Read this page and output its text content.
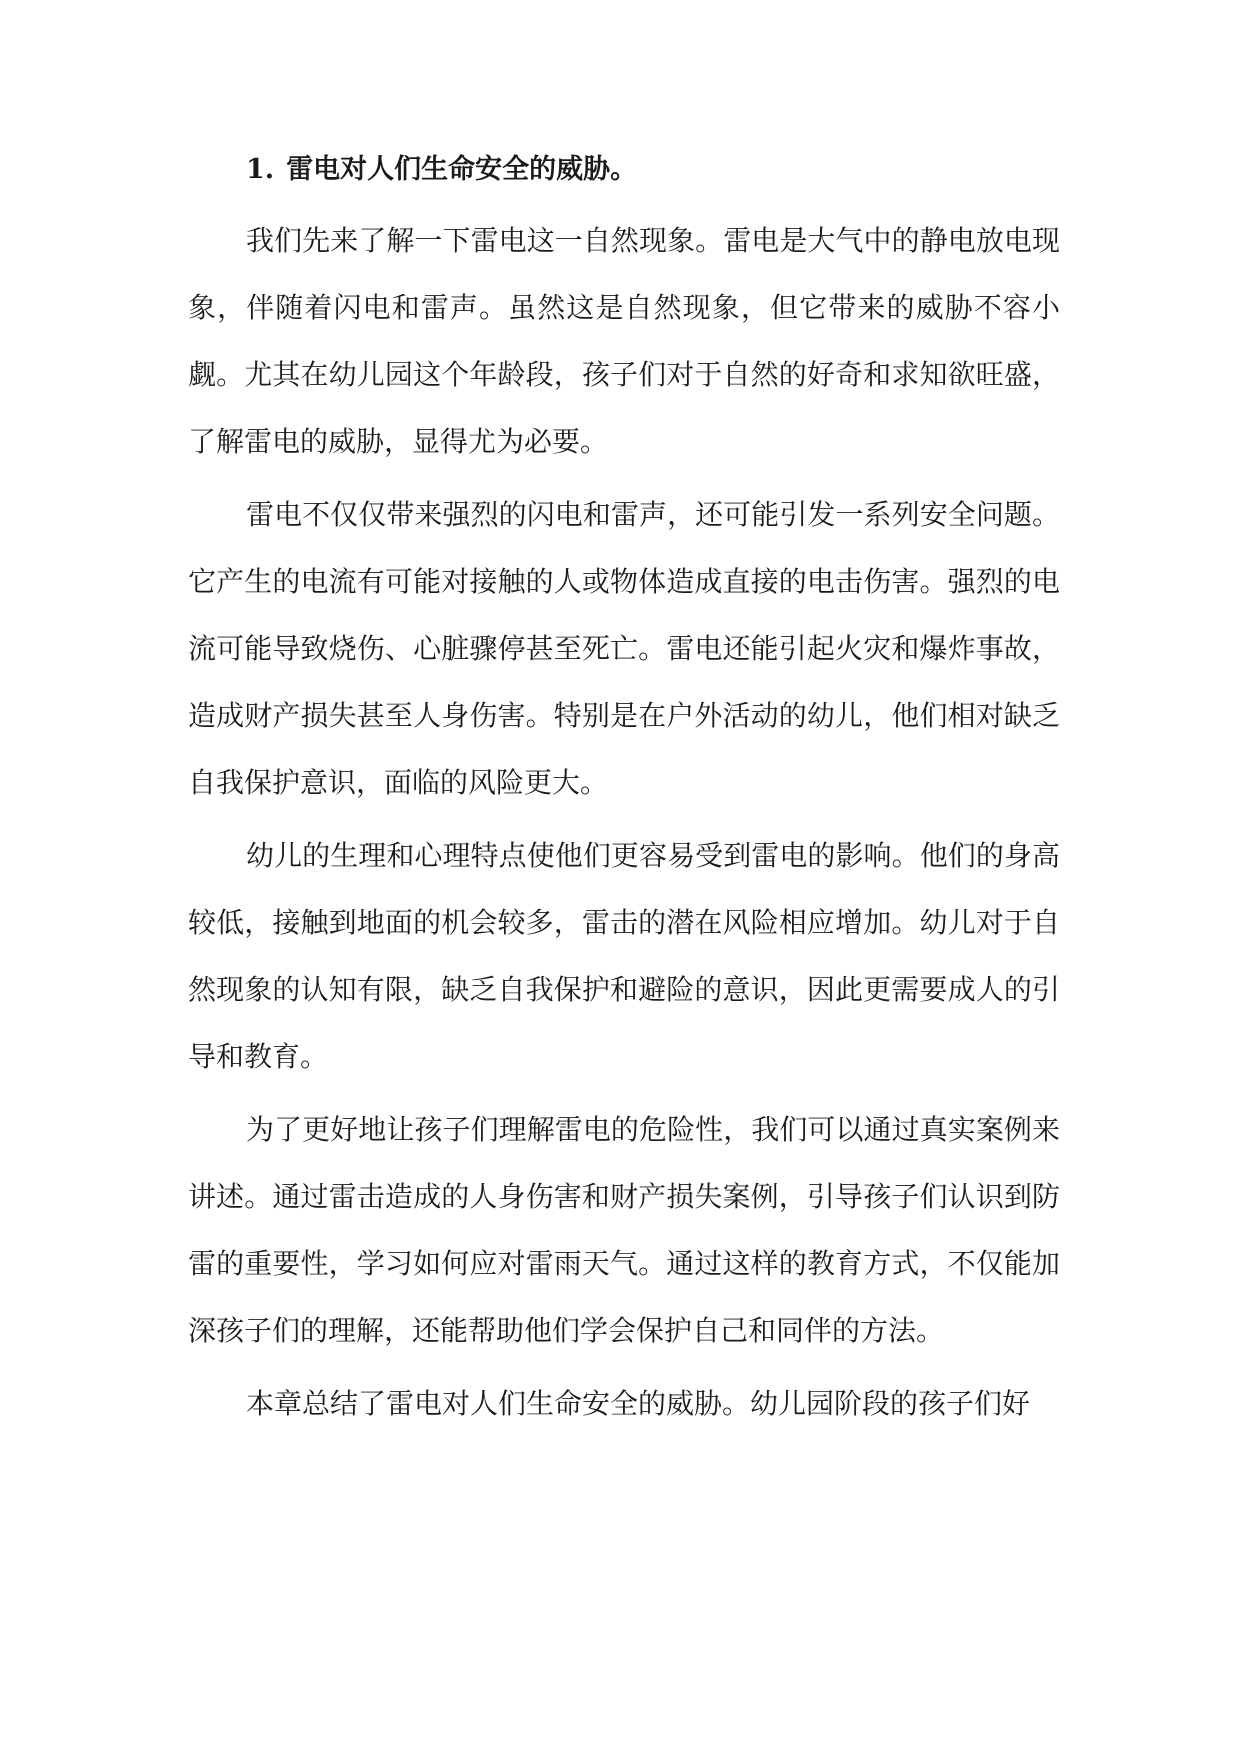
1. 雷电对人们生命安全的威胁。

我们先来了解一下雷电这一自然现象。雷电是大气中的静电放电现象，伴随着闪电和雷声。虽然这是自然现象，但它带来的威胁不容小觑。尤其在幼儿园这个年龄段，孩子们对于自然的好奇和求知欲旺盛，了解雷电的威胁，显得尤为必要。

雷电不仅仅带来强烈的闪电和雷声，还可能引发一系列安全问题。它产生的电流有可能对接触的人或物体造成直接的电击伤害。强烈的电流可能导致烧伤、心脏骤停甚至死亡。雷电还能引起火灾和爆炸事故，造成财产损失甚至人身伤害。特别是在户外活动的幼儿，他们相对缺乏自我保护意识，面临的风险更大。

幼儿的生理和心理特点使他们更容易受到雷电的影响。他们的身高较低，接触到地面的机会较多，雷击的潜在风险相应增加。幼儿对于自然现象的认知有限，缺乏自我保护和避险的意识，因此更需要成人的引导和教育。

为了更好地让孩子们理解雷电的危险性，我们可以通过真实案例来讲述。通过雷击造成的人身伤害和财产损失案例，引导孩子们认识到防雷的重要性，学习如何应对雷雨天气。通过这样的教育方式，不仅能加深孩子们的理解，还能帮助他们学会保护自己和同伴的方法。

本章总结了雷电对人们生命安全的威胁。幼儿园阶段的孩子们好
